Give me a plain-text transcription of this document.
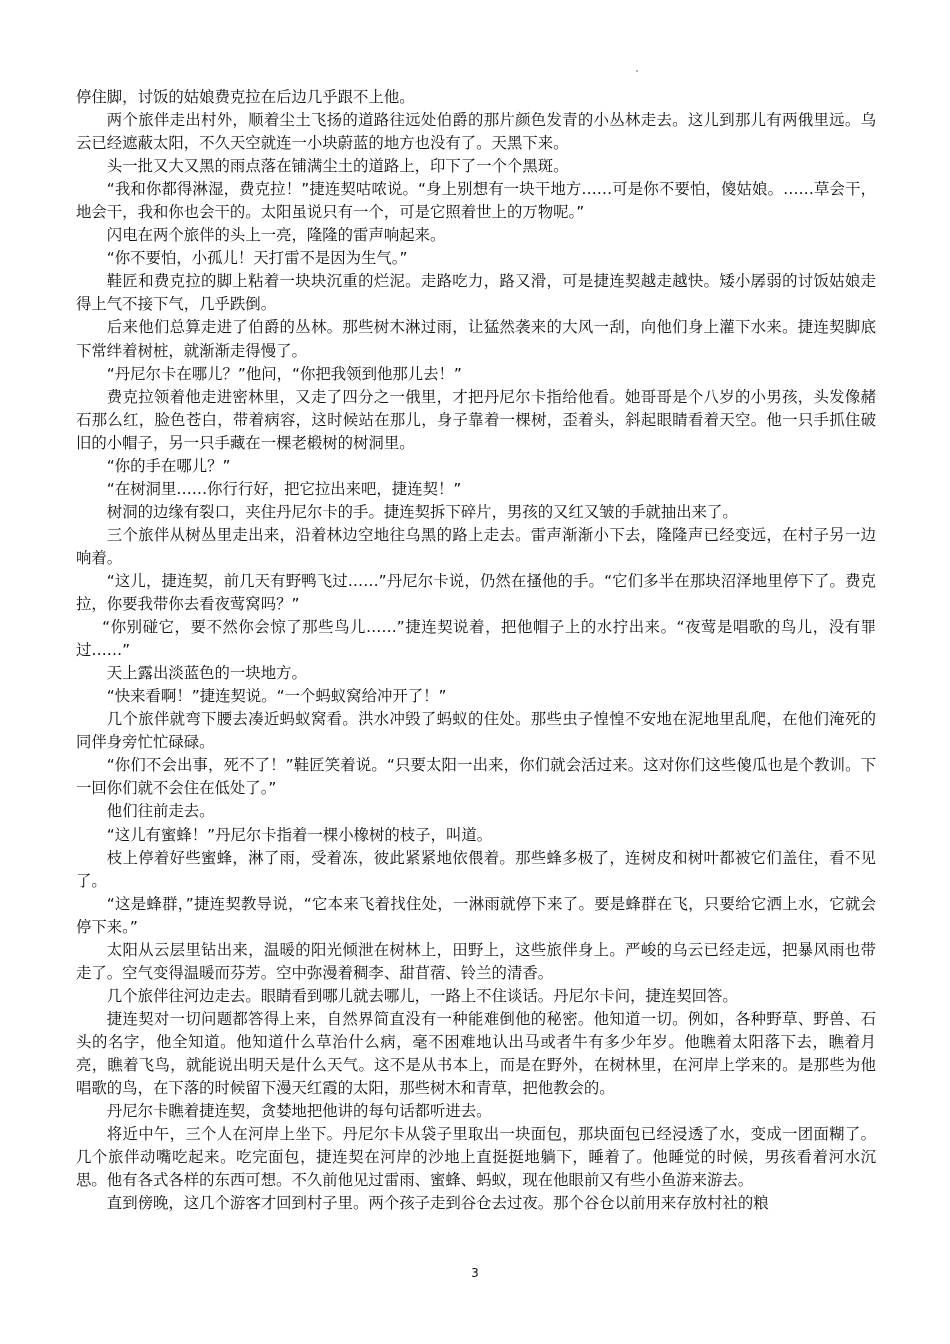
停住脚，讨饭的姑娘费克拉在后边几乎跟不上他。

两个旅伴走出村外，顺着尘土飞扬的道路往远处伯爵的那片颜色发青的小丛林走去。这儿到那儿有两俄里远。乌云已经遮蔽太阳，不久天空就连一小块蔚蓝的地方也没有了。天黑下来。

头一批又大又黑的雨点落在铺满尘土的道路上，印下了一个个黑斑。

“我和你都得淋湿，费克拉！”捷连契咕哝说。“身上别想有一块干地方……可是你不要怕，傻姑娘。……草会干，地会干，我和你也会干的。太阳虽说只有一个，可是它照着世上的万物呢。”

闪电在两个旅伴的头上一亮，隆隆的雷声响起来。

“你不要怕，小孤儿！天打雷不是因为生气。”

鞋匠和费克拉的脚上粘着一块块沉重的烂泥。走路吃力，路又滑，可是捷连契越走越快。矮小孱弱的讨饭姑娘走得上气不接下气，几乎跌倒。

后来他们总算走进了伯爵的丛林。那些树木淋过雨，让猛然袭来的大风一刮，向他们身上灌下水来。捷连契脚底下常绊着树桩，就渐渐走得慢了。

“丹尼尔卡在哪儿？”他问，“你把我领到他那儿去！”

费克拉领着他走进密林里，又走了四分之一俄里，才把丹尼尔卡指给他看。她哥哥是个八岁的小男孩，头发像赭石那么红，脸色苍白，带着病容，这时候站在那儿，身子靠着一棵树，歪着头，斜起眼睛看着天空。他一只手抓住破旧的小帽子，另一只手藏在一棵老椴树的树洞里。

“你的手在哪儿？”

“在树洞里……你行行好，把它拉出来吧，捷连契！”

树洞的边缘有裂口，夹住丹尼尔卡的手。捷连契拆下碎片，男孩的又红又皱的手就抽出来了。

三个旅伴从树丛里走出来，沿着林边空地往乌黑的路上走去。雷声渐渐小下去，隆隆声已经变远，在村子另一边响着。

“这儿，捷连契，前几天有野鸭飞过……”丹尼尔卡说，仍然在搔他的手。“它们多半在那块沼泽地里停下了。费克拉，你要我带你去看夜莺窝吗？”

“你别碰它，要不然你会惊了那些鸟儿……”捷连契说着，把他帽子上的水拧出来。“夜莺是唱歌的鸟儿，没有罪过……”

天上露出淡蓝色的一块地方。

“快来看啊！”捷连契说。“一个蚂蚁窝给冲开了！”

几个旅伴就弯下腰去凑近蚂蚁窝看。洪水冲毁了蚂蚁的住处。那些虫子惶惶不安地在泥地里乱爬，在他们淹死的同伴身旁忙忙碌碌。

“你们不会出事，死不了！”鞋匠笑着说。“只要太阳一出来，你们就会活过来。这对你们这些傻瓜也是个教训。下一回你们就不会住在低处了。”

他们往前走去。

“这儿有蜜蜂！”丹尼尔卡指着一棵小橡树的枝子，叫道。

枝上停着好些蜜蜂，淋了雨，受着冻，彼此紧紧地依偎着。那些蜂多极了，连树皮和树叶都被它们盖住，看不见了。

“这是蜂群，”捷连契教导说，“它本来飞着找住处，一淋雨就停下来了。要是蜂群在飞，只要给它洒上水，它就会停下来。”

太阳从云层里钻出来，温暖的阳光倾泄在树林上，田野上，这些旅伴身上。严峻的乌云已经走远，把暴风雨也带走了。空气变得温暖而芬芳。空中弥漫着稠李、甜苜蓿、铃兰的清香。

几个旅伴往河边走去。眼睛看到哪儿就去哪儿，一路上不住谈话。丹尼尔卡问，捷连契回答。

捷连契对一切问题都答得上来，自然界简直没有一种能难倒他的秘密。他知道一切。例如，各种野草、野兽、石头的名字，他全知道。他知道什么草治什么病，毫不困难地认出马或者牛有多少年岁。他瞧着太阳落下去，瞧着月亮，瞧着飞鸟，就能说出明天是什么天气。这不是从书本上，而是在野外，在树林里，在河岸上学来的。是那些为他唱歌的鸟，在下落的时候留下漫天红霞的太阳，那些树木和青草，把他教会的。

丹尼尔卡瞧着捷连契，贪婪地把他讲的每句话都听进去。

将近中午，三个人在河岸上坐下。丹尼尔卡从袋子里取出一块面包，那块面包已经浸透了水，变成一团面糊了。几个旅伴动嘴吃起来。吃完面包，捷连契在河岸的沙地上直挺挺地躺下，睡着了。他睡觉的时候，男孩看着河水沉思。他有各式各样的东西可想。不久前他见过雷雨、蜜蜂、蚂蚁，现在他眼前又有些小鱼游来游去。

直到傍晚，这几个游客才回到村子里。两个孩子走到谷仓去过夜。那个谷仓以前用来存放村社的粮

3
